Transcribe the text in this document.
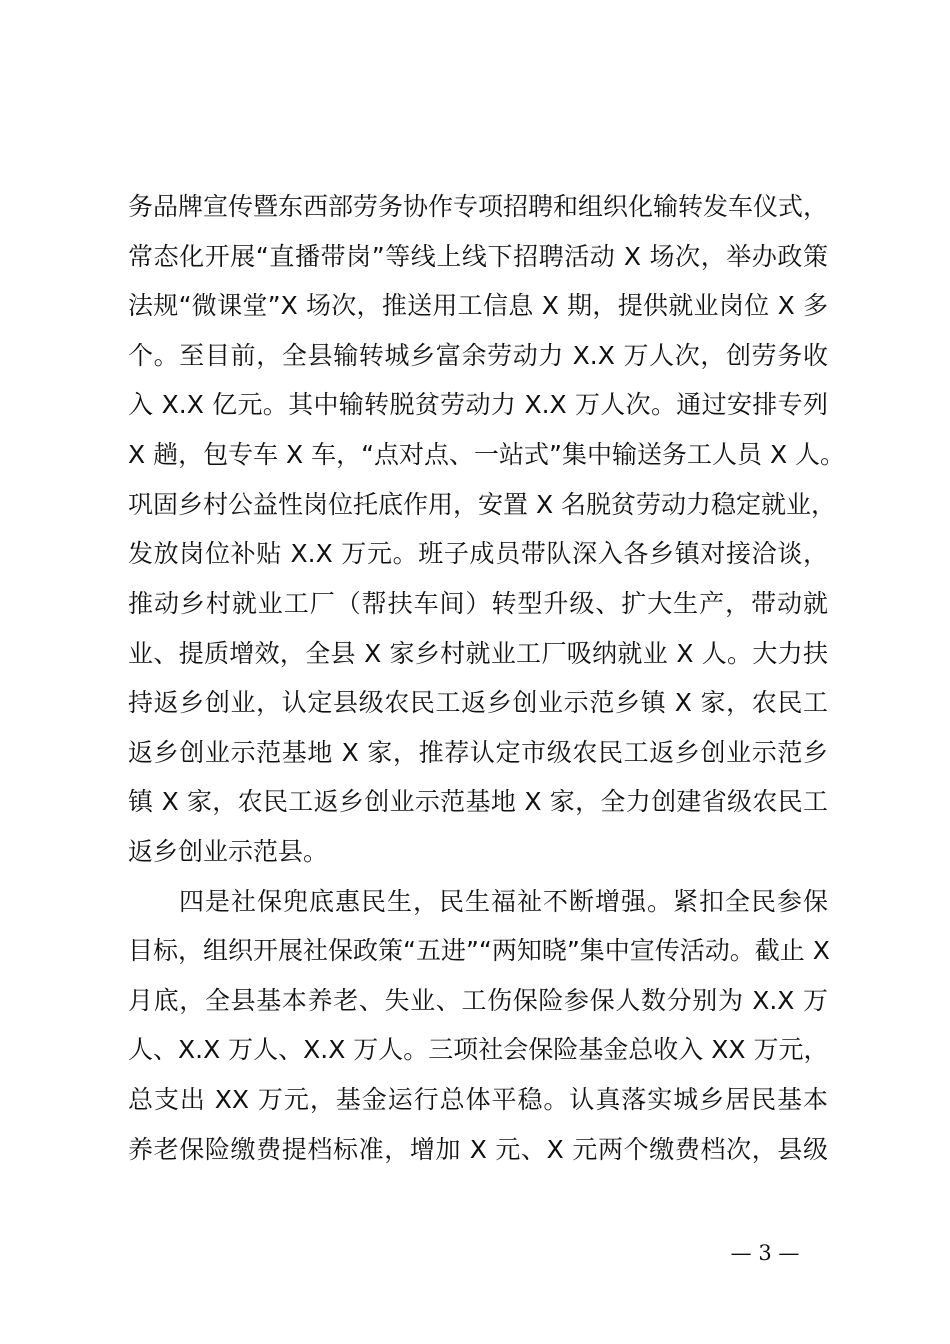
务品牌宣传暨东西部劳务协作专项招聘和组织化输转发车仪式，
常态化开展“直播带岗”等线上线下招聘活动 X 场次，举办政策
法规“微课堂”X 场次，推送用工信息 X 期，提供就业岗位 X 多
个。至目前，全县输转城乡富余劳动力 X.X 万人次，创劳务收
入 X.X 亿元。其中输转脱贫劳动力 X.X 万人次。通过安排专列
X 趟，包专车 X 车，“点对点、一站式”集中输送务工人员 X 人。
巩固乡村公益性岗位托底作用，安置 X 名脱贫劳动力稳定就业，
发放岗位补贴 X.X 万元。班子成员带队深入各乡镇对接洽谈，
推动乡村就业工厂（帮扶车间）转型升级、扩大生产，带动就
业、提质增效，全县 X 家乡村就业工厂吸纳就业 X 人。大力扶
持返乡创业，认定县级农民工返乡创业示范乡镇 X 家，农民工
返乡创业示范基地 X 家，推荐认定市级农民工返乡创业示范乡
镇 X 家，农民工返乡创业示范基地 X 家，全力创建省级农民工
返乡创业示范县。
四是社保兜底惠民生，民生福祉不断增强。紧扣全民参保
目标，组织开展社保政策“五进”“两知晓”集中宣传活动。截止 X
月底，全县基本养老、失业、工伤保险参保人数分别为 X.X 万
人、X.X 万人、X.X 万人。三项社会保险基金总收入 XX 万元，
总支出 XX 万元，基金运行总体平稳。认真落实城乡居民基本
养老保险缴费提档标准，增加 X 元、X 元两个缴费档次，县级
— 3 —
